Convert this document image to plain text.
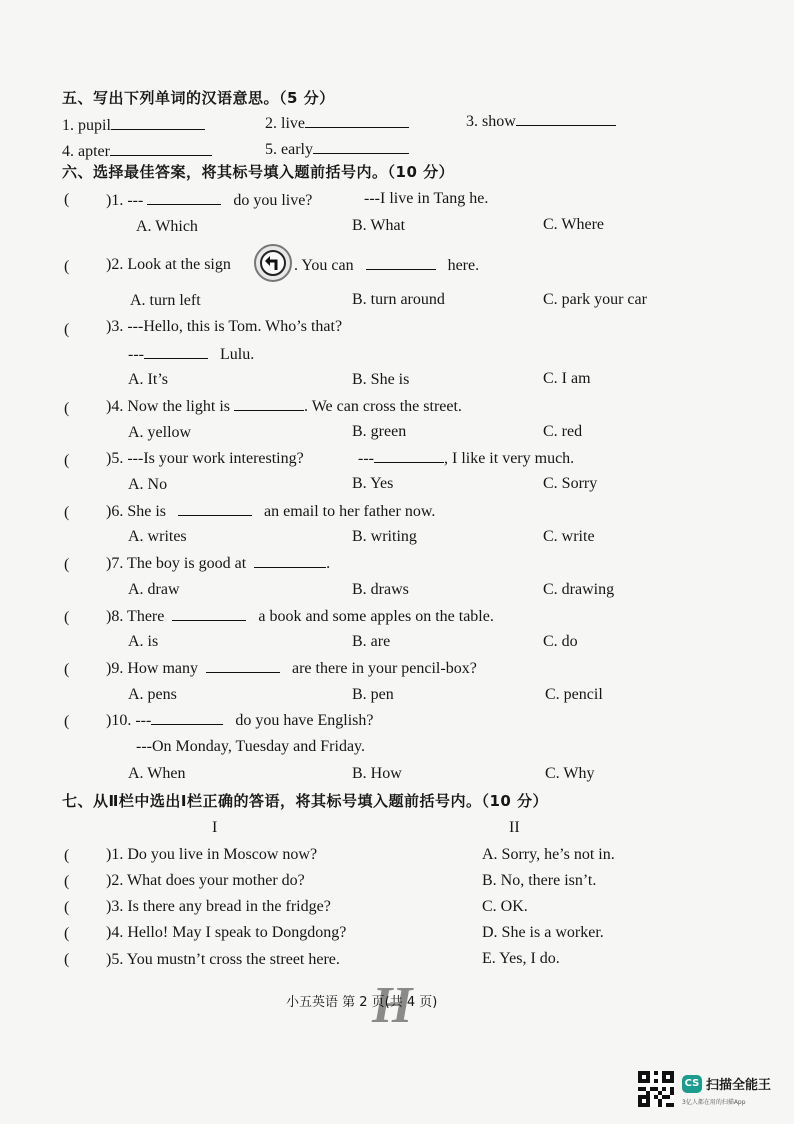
五、写出下列单词的汉语意思。（5 分）
1. pupil	2. live	3. show
4. apter	5. early
六、选择最佳答案，将其标号填入题前括号内。（10 分）
( )1. ---	do you live?	---I live in Tang he.
A. Which	B. What	C. Where
( )2. Look at the sign	. You can	here.
A. turn left	B. turn around	C. park your car
( )3. ---Hello, this is Tom. Who’s that?
---	Lulu.
A. It’s	B. She is	C. I am
( )4. Now the light is	. We can cross the street.
A. yellow	B. green	C. red
( )5. ---Is your work interesting?	---	, I like it very much.
A. No	B. Yes	C. Sorry
( )6. She is	an email to her father now.
A. writes	B. writing	C. write
( )7. The boy is good at	.
A. draw	B. draws	C. drawing
( )8. There	a book and some apples on the table.
A. is	B. are	C. do
( )9. How many	are there in your pencil-box?
A. pens	B. pen	C. pencil
( )10. ---	do you have English?
---On Monday, Tuesday and Friday.
A. When	B. How	C. Why
七、从Ⅱ栏中选出Ⅰ栏正确的答语，将其标号填入题前括号内。（10 分）
I	II
( )1. Do you live in Moscow now?	A. Sorry, he’s not in.
( )2. What does your mother do?	B. No, there isn’t.
( )3. Is there any bread in the fridge?	C. OK.
( )4. Hello! May I speak to Dongdong?	D. She is a worker.
( )5. You mustn’t cross the street here.	E. Yes, I do.
H
小五英语 第 2 页(共 4 页)
CS 扫描全能王
3亿人都在用的扫描App
